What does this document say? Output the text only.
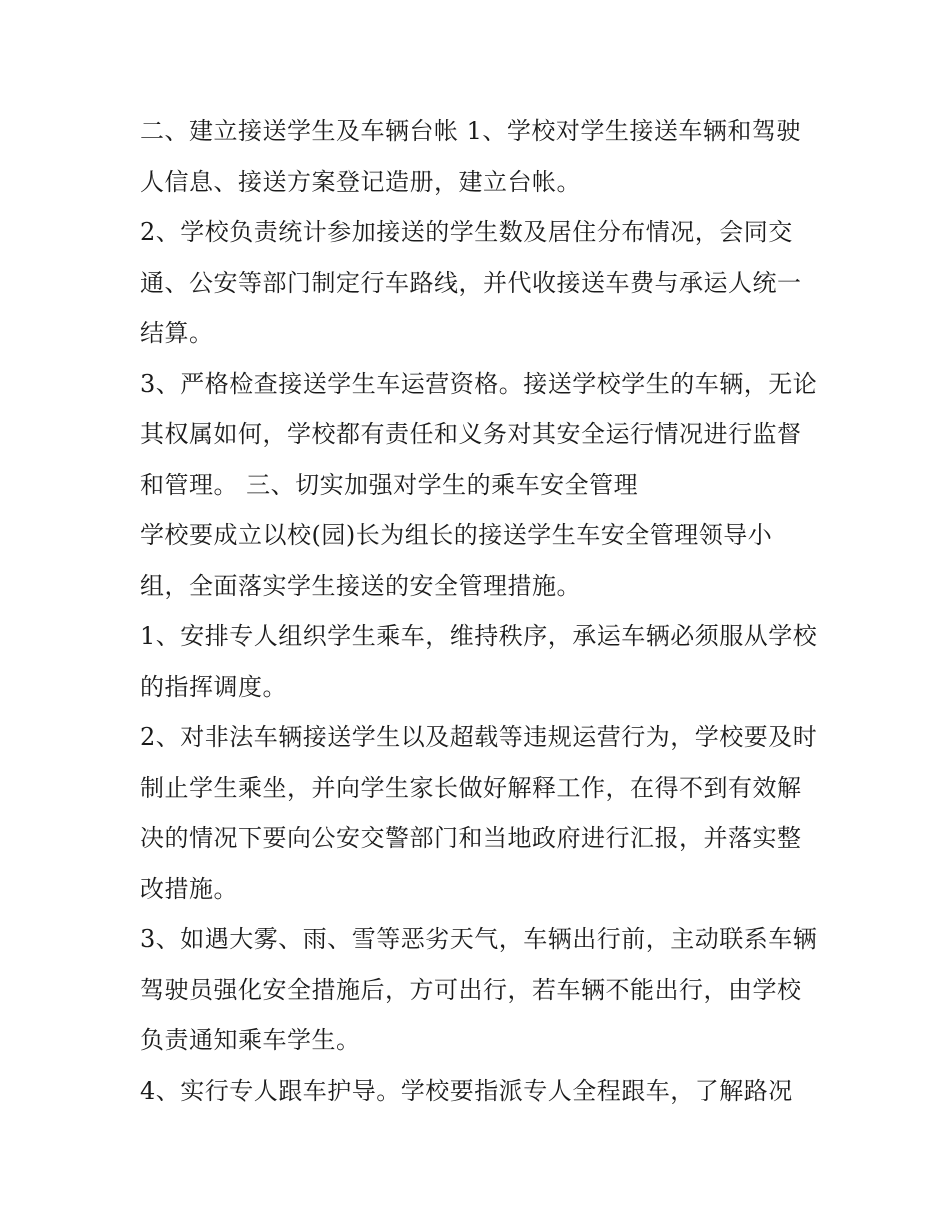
二、建立接送学生及车辆台帐 1、学校对学生接送车辆和驾驶人信息、接送方案登记造册，建立台帐。

2、学校负责统计参加接送的学生数及居住分布情况，会同交通、公安等部门制定行车路线，并代收接送车费与承运人统一结算。

3、严格检查接送学生车运营资格。接送学校学生的车辆，无论其权属如何，学校都有责任和义务对其安全运行情况进行监督和管理。 三、切实加强对学生的乘车安全管理

学校要成立以校(园)长为组长的接送学生车安全管理领导小组，全面落实学生接送的安全管理措施。

1、安排专人组织学生乘车，维持秩序，承运车辆必须服从学校的指挥调度。

2、对非法车辆接送学生以及超载等违规运营行为，学校要及时制止学生乘坐，并向学生家长做好解释工作，在得不到有效解决的情况下要向公安交警部门和当地政府进行汇报，并落实整改措施。

3、如遇大雾、雨、雪等恶劣天气，车辆出行前，主动联系车辆驾驶员强化安全措施后，方可出行，若车辆不能出行，由学校负责通知乘车学生。

4、实行专人跟车护导。学校要指派专人全程跟车，了解路况
